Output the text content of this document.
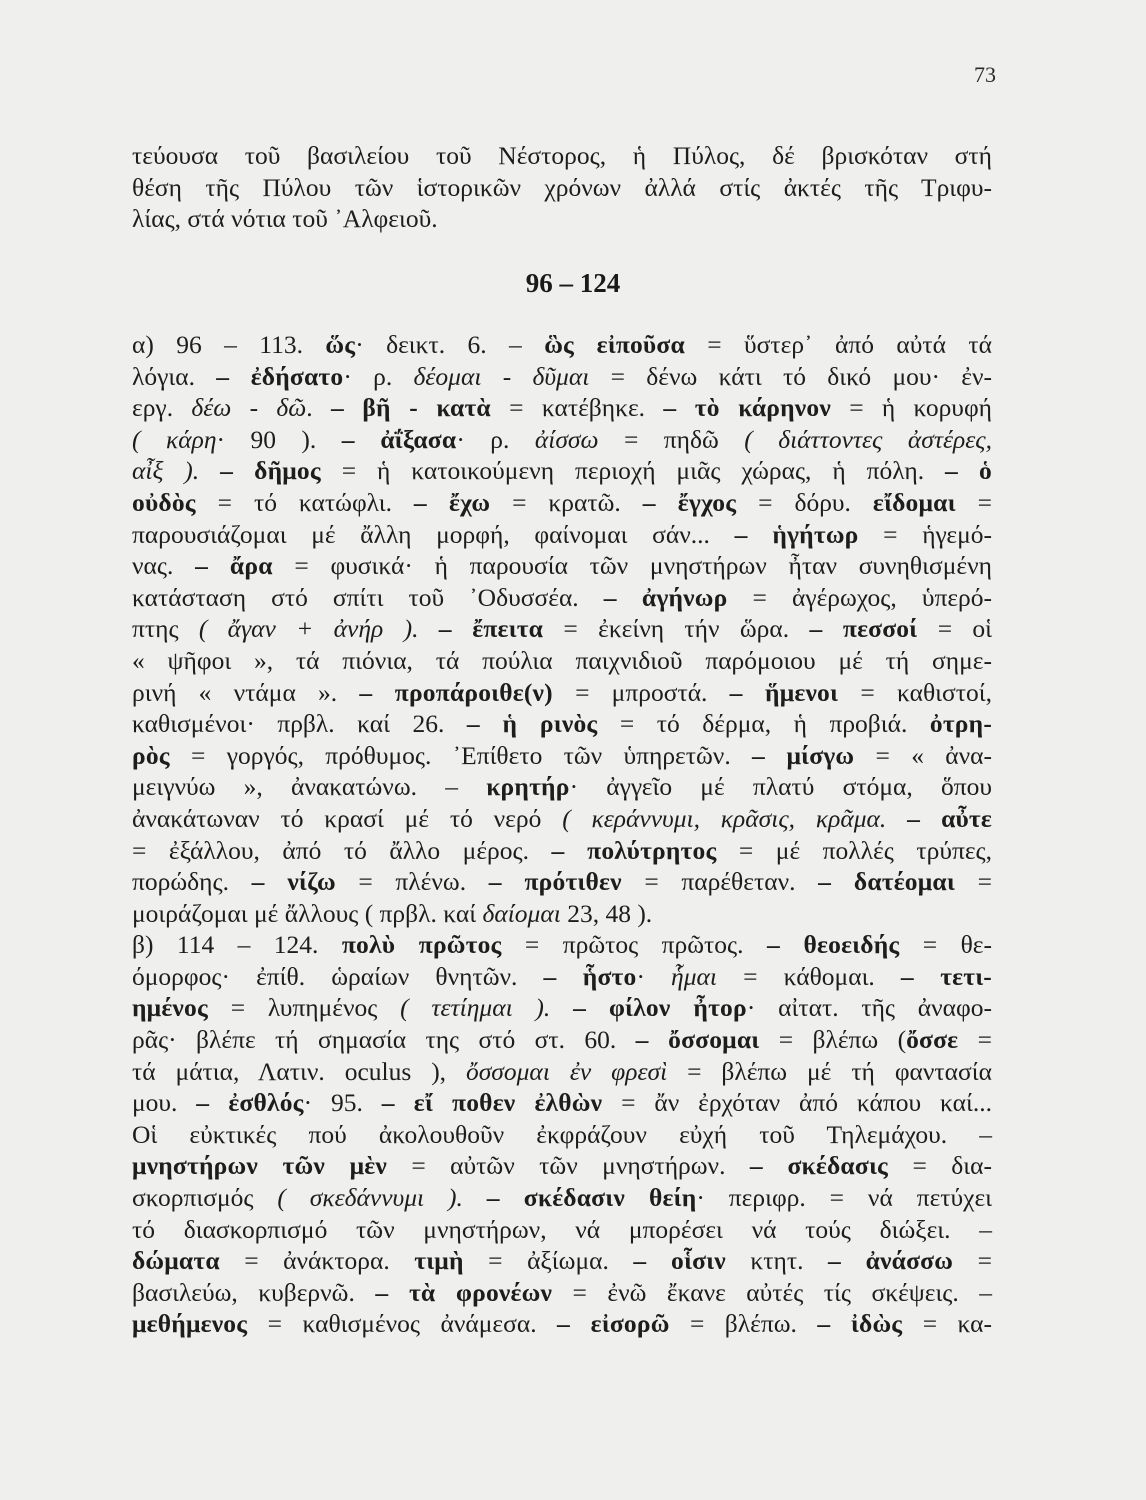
73

τεύουσα τοῦ βασιλείου τοῦ Νέστορος, ἡ Πύλος, δέ βρισκόταν στή

θέση τῆς Πύλου τῶν ἱστορικῶν χρόνων ἀλλά στίς ἀκτές τῆς Τριφυ-

λίας, στά νότια τοῦ ᾿Αλφειοῦ.

96 – 124

α) 96 – 113. ὥς· δεικτ. 6. – ὣς εἰποῦσα = ὕστερ᾿ ἀπό αὐτά τά

λόγια. – ἐδήσατο· ρ. δέομαι - δῦμαι = δένω κάτι τό δικό μου· ἐν-

εργ. δέω - δῶ. – βῆ - κατὰ = κατέβηκε. – τὸ κάρηνον = ἡ κορυφή

( κάρη· 90 ). – ἀΐξασα· ρ. ἀίσσω = πηδῶ ( διάττοντες ἀστέρες,

αἶξ ). – δῆμος = ἡ κατοικούμενη περιοχή μιᾶς χώρας, ἡ πόλη. – ὁ

οὐδὸς = τό κατώφλι. – ἔχω = κρατῶ. – ἔγχος = δόρυ. εἴδομαι =

παρουσιάζομαι μέ ἄλλη μορφή, φαίνομαι σάν... – ἡγήτωρ = ἡγεμό-

νας. – ἄρα = φυσικά· ἡ παρουσία τῶν μνηστήρων ἦταν συνηθισμένη

κατάσταση στό σπίτι τοῦ ᾿Οδυσσέα. – ἀγήνωρ = ἀγέρωχος, ὑπερό-

πτης ( ἄγαν + ἀνήρ ). – ἔπειτα = ἐκείνη τήν ὥρα. – πεσσοί = οἱ

« ψῆφοι », τά πιόνια, τά πούλια παιχνιδιοῦ παρόμοιου μέ τή σημε-

ρινή « ντάμα ». – προπάροιθε(ν) = μπροστά. – ἥμενοι = καθιστοί,

καθισμένοι· πρβλ. καί 26. – ἡ ρινὸς = τό δέρμα, ἡ προβιά. ὀτρη-

ρὸς = γοργός, πρόθυμος. ᾿Επίθετο τῶν ὑπηρετῶν. – μίσγω = « ἀνα-

μειγνύω », ἀνακατώνω. – κρητήρ· ἀγγεῖο μέ πλατύ στόμα, ὅπου

ἀνακάτωναν τό κρασί μέ τό νερό ( κεράννυμι, κρᾶσις, κρᾶμα. – αὖτε

= ἐξάλλου, ἀπό τό ἄλλο μέρος. – πολύτρητος = μέ πολλές τρύπες,

πορώδης. – νίζω = πλένω. – πρότιθεν = παρέθεταν. – δατέομαι =

μοιράζομαι μέ ἄλλους ( πρβλ. καί δαίομαι 23, 48 ).

β) 114 – 124. πολὺ πρῶτος = πρῶτος πρῶτος. – θεοειδής = θε-

όμορφος· ἐπίθ. ὡραίων θνητῶν. – ἧστο· ἧμαι = κάθομαι. – τετι-

ημένος = λυπημένος ( τετίημαι ). – φίλον ἦτορ· αἰτατ. τῆς ἀναφο-

ρᾶς· βλέπε τή σημασία της στό στ. 60. – ὄσσομαι = βλέπω (ὄσσε =

τά μάτια, Λατιν. oculus ), ὄσσομαι ἐν φρεσὶ = βλέπω μέ τή φαντασία

μου. – ἐσθλός· 95. – εἴ ποθεν ἐλθὼν = ἄν ἐρχόταν ἀπό κάπου καί...

Οἱ εὐκτικές πού ἀκολουθοῦν ἐκφράζουν εὐχή τοῦ Τηλεμάχου. –

μνηστήρων τῶν μὲν = αὐτῶν τῶν μνηστήρων. – σκέδασις = δια-

σκορπισμός ( σκεδάννυμι ). – σκέδασιν θείη· περιφρ. = νά πετύχει

τό διασκορπισμό τῶν μνηστήρων, νά μπορέσει νά τούς διώξει. –

δώματα = ἀνάκτορα. τιμὴ = ἀξίωμα. – οἷσιν κτητ. – ἀνάσσω =

βασιλεύω, κυβερνῶ. – τὰ φρονέων = ἐνῶ ἔκανε αὐτές τίς σκέψεις. –

μεθήμενος = καθισμένος ἀνάμεσα. – εἰσορῶ = βλέπω. – ἰδὼς = κα-
